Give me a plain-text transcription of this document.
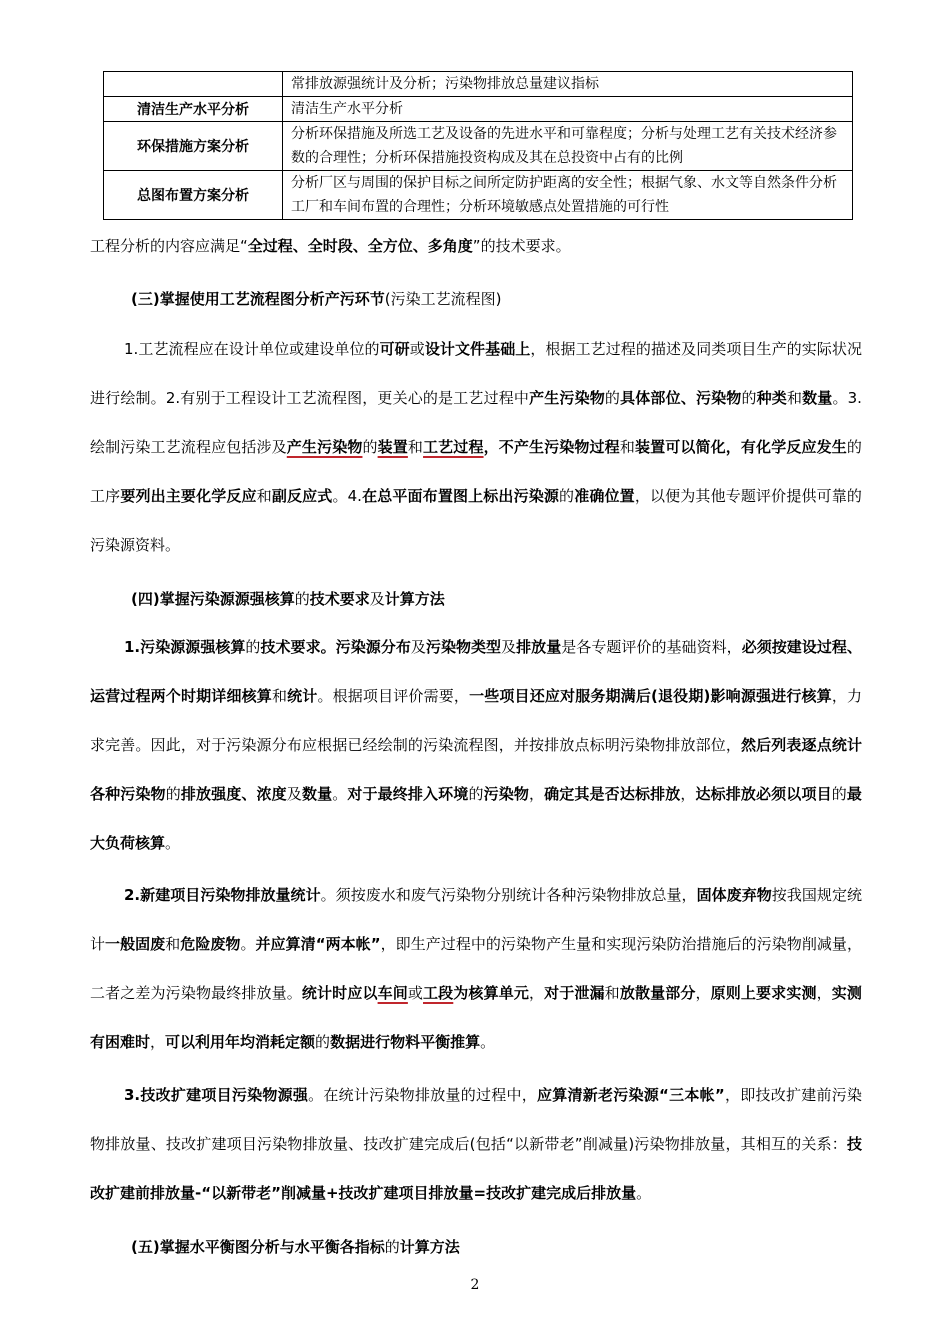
	常排放源强统计及分析；污染物排放总量建议指标
清洁生产水平分析	清洁生产水平分析
环保措施方案分析	分析环保措施及所选工艺及设备的先进水平和可靠程度；分析与处理工艺有关技术经济参数的合理性；分析环保措施投资构成及其在总投资中占有的比例
总图布置方案分析	分析厂区与周围的保护目标之间所定防护距离的安全性；根据气象、水文等自然条件分析工厂和车间布置的合理性；分析环境敏感点处置措施的可行性

工程分析的内容应满足“全过程、全时段、全方位、多角度”的技术要求。

(三)掌握使用工艺流程图分析产污环节(污染工艺流程图)

1.工艺流程应在设计单位或建设单位的可研或设计文件基础上，根据工艺过程的描述及同类项目生产的实际状况进行绘制。2.有别于工程设计工艺流程图，更关心的是工艺过程中产生污染物的具体部位、污染物的种类和数量。3.绘制污染工艺流程应包括涉及产生污染物的装置和工艺过程，不产生污染物过程和装置可以简化，有化学反应发生的工序要列出主要化学反应和副反应式。4.在总平面布置图上标出污染源的准确位置，以便为其他专题评价提供可靠的污染源资料。

(四)掌握污染源源强核算的技术要求及计算方法

1.污染源源强核算的技术要求。污染源分布及污染物类型及排放量是各专题评价的基础资料，必须按建设过程、运营过程两个时期详细核算和统计。根据项目评价需要，一些项目还应对服务期满后(退役期)影响源强进行核算，力求完善。因此，对于污染源分布应根据已经绘制的污染流程图，并按排放点标明污染物排放部位，然后列表逐点统计各种污染物的排放强度、浓度及数量。对于最终排入环境的污染物，确定其是否达标排放，达标排放必须以项目的最大负荷核算。

2.新建项目污染物排放量统计。须按废水和废气污染物分别统计各种污染物排放总量，固体废弃物按我国规定统计一般固废和危险废物。并应算清“两本帐”，即生产过程中的污染物产生量和实现污染防治措施后的污染物削减量，二者之差为污染物最终排放量。统计时应以车间或工段为核算单元，对于泄漏和放散量部分，原则上要求实测，实测有困难时，可以利用年均消耗定额的数据进行物料平衡推算。

3.技改扩建项目污染物源强。在统计污染物排放量的过程中，应算清新老污染源“三本帐”，即技改扩建前污染物排放量、技改扩建项目污染物排放量、技改扩建完成后(包括“以新带老”削减量)污染物排放量，其相互的关系：技改扩建前排放量-“以新带老”削减量+技改扩建项目排放量=技改扩建完成后排放量。

(五)掌握水平衡图分析与水平衡各指标的计算方法

2
